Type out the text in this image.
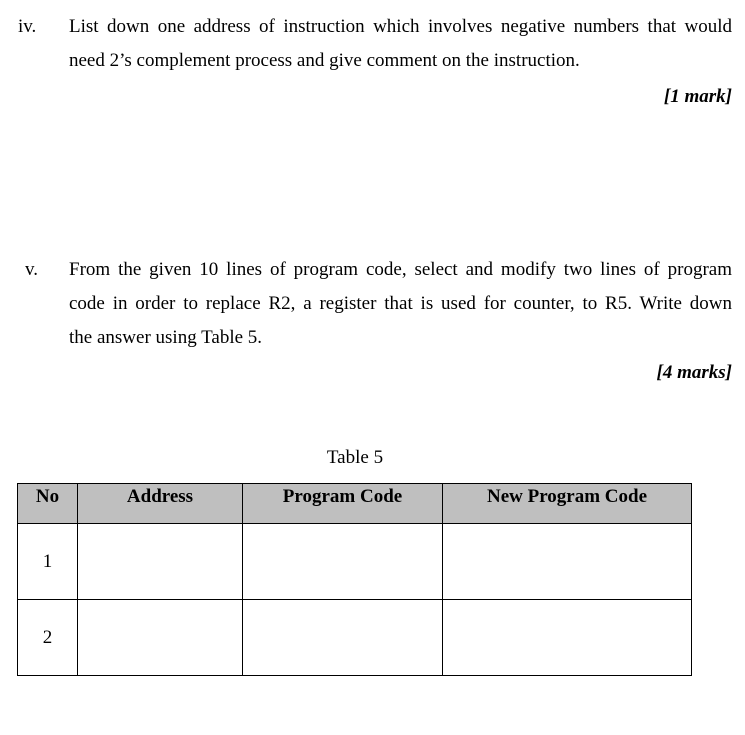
iv. List down one address of instruction which involves negative numbers that would
need 2’s complement process and give comment on the instruction.
[1 mark]
v. From the given 10 lines of program code, select and modify two lines of program
code in order to replace R2, a register that is used for counter, to R5. Write down
the answer using Table 5.
[4 marks]
Table 5
No	Address	Program Code	New Program Code
1			
2			
